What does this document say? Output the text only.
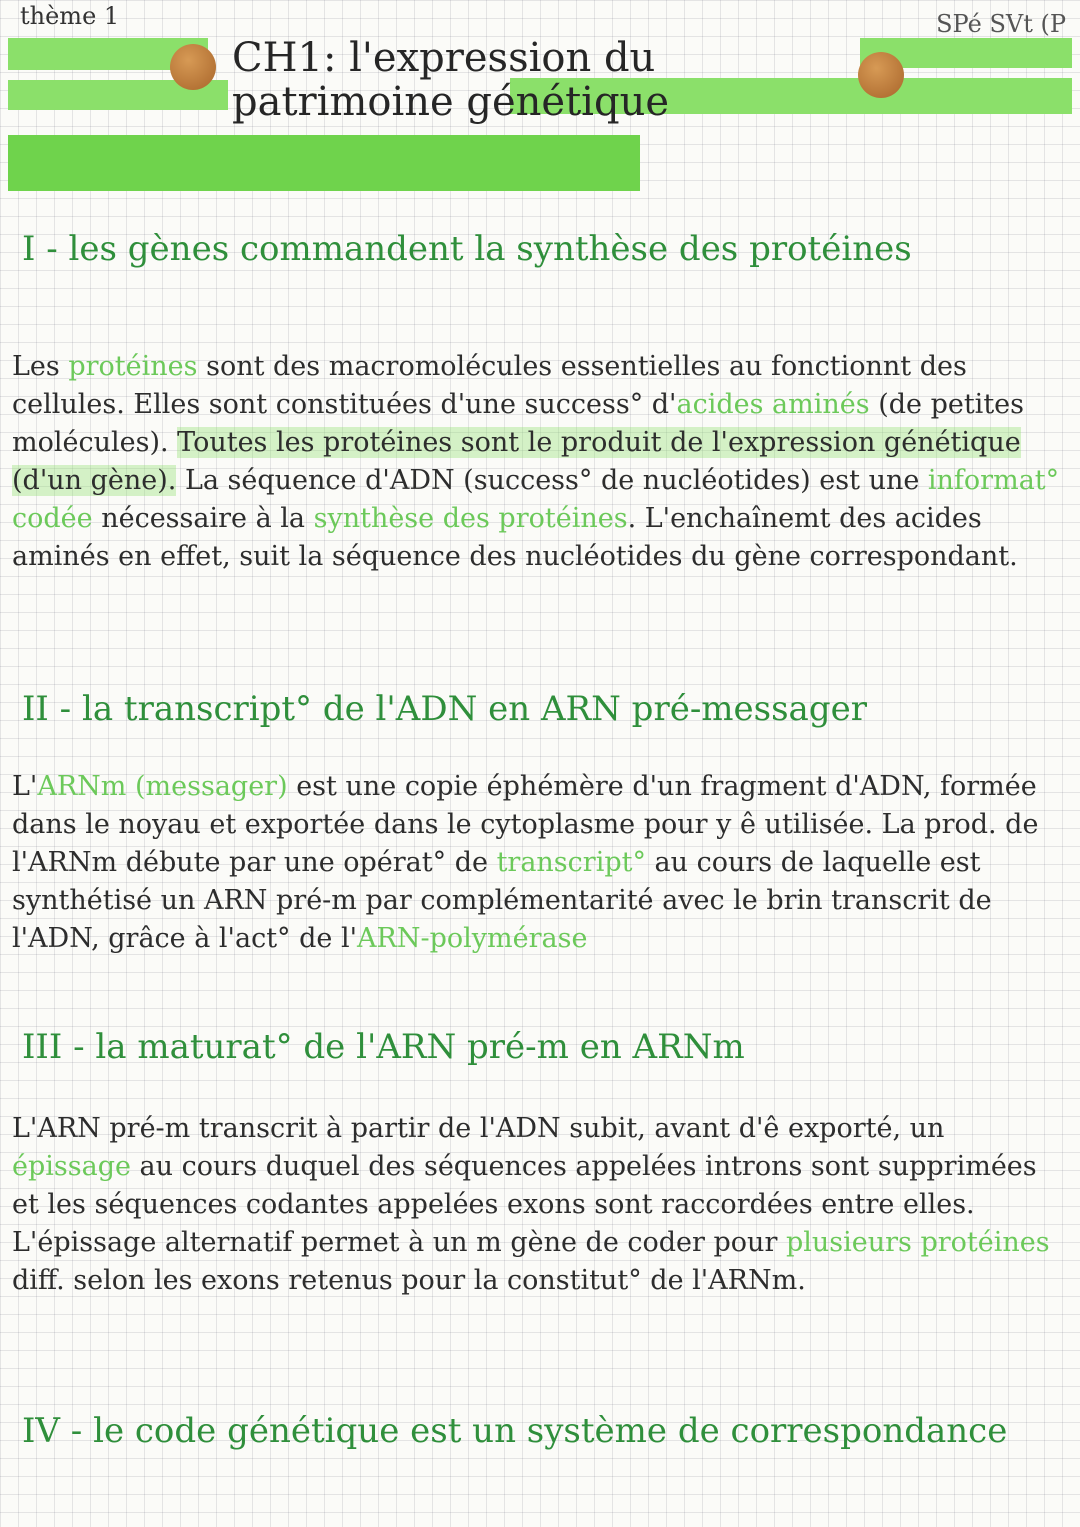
thème 1	SPé SVt (P
CH1: l'expression du patrimoine génétique
I - les gènes commandent la synthèse des protéines
Les protéines sont des macromolécules essentielles au fonctionnt des cellules. Elles sont constituées d'une success° d'acides aminés (de petites molécules). Toutes les protéines sont le produit de l'expression génétique (d'un gène). La séquence d'ADN (success° de nucléotides) est une informat° codée nécessaire à la synthèse des protéines. L'enchaînemt des acides aminés en effet, suit la séquence des nucléotides du gène correspondant.
II - la transcript° de l'ADN en ARN pré-messager
L'ARNm (messager) est une copie éphémère d'un fragment d'ADN, formée dans le noyau et exportée dans le cytoplasme pour y ê utilisée. La prod. de l'ARNm débute par une opérat° de transcript° au cours de laquelle est synthétisé un ARN pré-m par complémentarité avec le brin transcrit de l'ADN, grâce à l'act° de l'ARN-polymérase
III - la maturat° de l'ARN pré-m en ARNm
L'ARN pré-m transcrit à partir de l'ADN subit, avant d'ê exporté, un épissage au cours duquel des séquences appelées introns sont supprimées et les séquences codantes appelées exons sont raccordées entre elles. L'épissage alternatif permet à un m gène de coder pour plusieurs protéines diff. selon les exons retenus pour la constitut° de l'ARNm.
IV - le code génétique est un système de correspondance
